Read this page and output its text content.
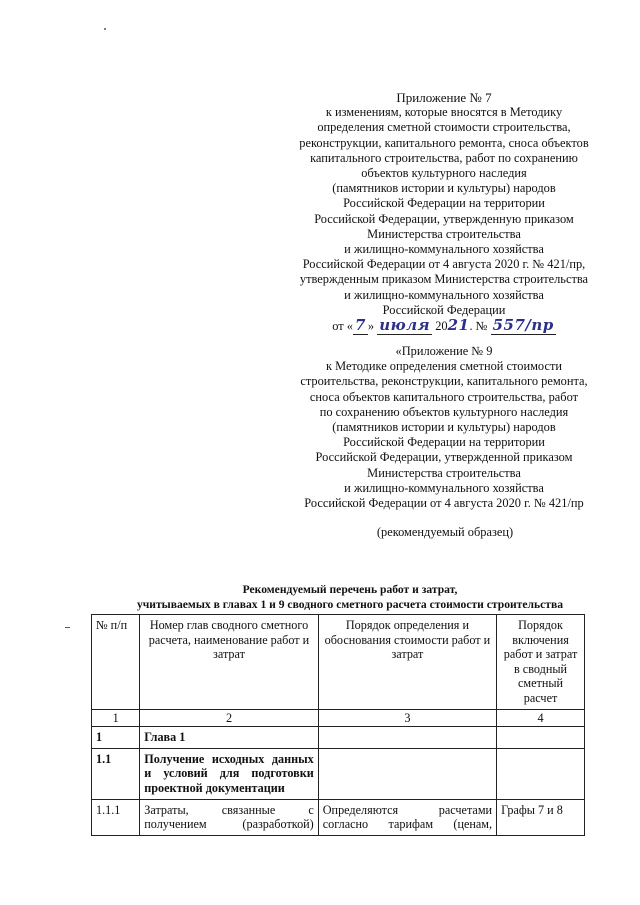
Приложение № 7
к изменениям, которые вносятся в Методику
определения сметной стоимости строительства,
реконструкции, капитального ремонта, сноса объектов
капитального строительства, работ по сохранению
объектов культурного наследия
(памятников истории и культуры) народов
Российской Федерации на территории
Российской Федерации, утвержденную приказом
Министерства строительства
и жилищно-коммунального хозяйства
Российской Федерации от 4 августа 2020 г. № 421/пр,
утвержденным приказом Министерства строительства
и жилищно-коммунального хозяйства
Российской Федерации
от « 7 » июля 2021. № 557/пр
«Приложение № 9
к Методике определения сметной стоимости
строительства, реконструкции, капитального ремонта,
сноса объектов капитального строительства, работ
по сохранению объектов культурного наследия
(памятников истории и культуры) народов
Российской Федерации на территории
Российской Федерации, утвержденной приказом
Министерства строительства
и жилищно-коммунального хозяйства
Российской Федерации от 4 августа 2020 г. № 421/пр
(рекомендуемый образец)
Рекомендуемый перечень работ и затрат,
учитываемых в главах 1 и 9 сводного сметного расчета стоимости строительства
№ п/п	Номер глав сводного сметного расчета, наименование работ и затрат	Порядок определения и обоснования стоимости работ и затрат	Порядок включения работ и затрат в сводный сметный расчет
1	2	3	4
1	Глава 1		
1.1	Получение исходных данных и условий для подготовки проектной документации		
1.1.1	Затраты, связанные с получением (разработкой)	Определяются расчетами согласно тарифам (ценам,	Графы 7 и 8
